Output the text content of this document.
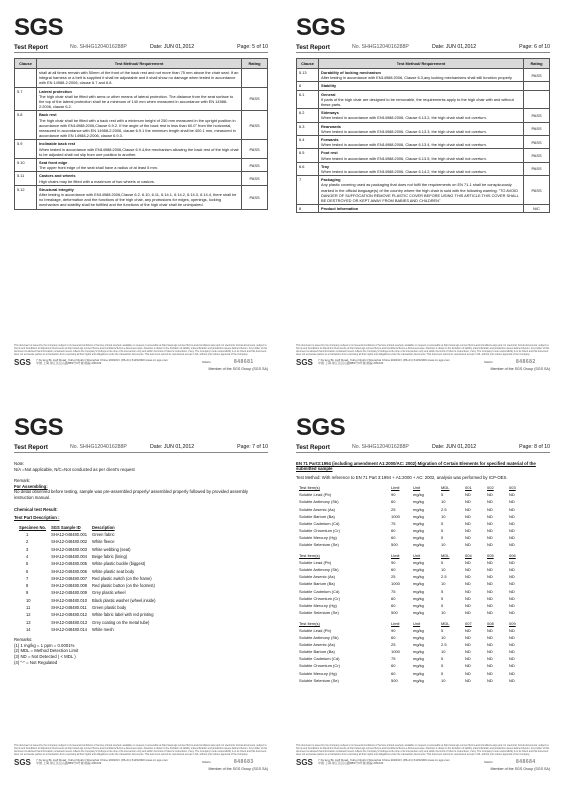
SGS
Test Report	No. SHHG1204016288P	Date: JUN 01,2012	Page: 5 of 10
Clause	Test Method/ Requirement	Rating

	shall at all times remain with 50mm of the front of the back rest and not more than 75 mm above the chair seat. If an integral harness or a belt is supplied it shall be adjustable and it shall show no damage when tested in accordance with EN 14988-2:2006, clause 6.7 and 6.8.	

5.7	Lateral protection
The high chair shall be fitted with arms or other means of lateral protection. The distance from the seat surface to the top of the lateral protection shall be a minimum of 140 mm when measured in accordance with EN 14988-2:2006, clause 6.2.	PASS
5.8	Back rest
The high chair shall be fitted with a back rest with a minimum height of 250 mm measured in the upright position in accordance with EN14988:2006,Clause 6.9.2. If the angle of the back rest is less than 60.0° from the horizontal, measured in accordance with EN 14988-2:2006, clause 6.9.1 the minimum length shall be 400.1 mm, measured in accordance with EN 14988-2:2006, clause 6.9.3.	PASS
5.9	Inclinable back rest
When tested in accordance with EN14988:2006,Clause 6.9.4,the mechanism allowing the back rest of the high chair to be adjusted shall not slip from one position to another.	PASS
5.10	Seat front edge
The upper front edge of the seat shall have a radius of at least 5 mm.	PASS
5.11	Castors and wheels
High chairs may be fitted with a maximum of two wheels or castors.	PASS
5.12	Structural integrity
After testing in accordance with EN14988:2006,Clause 6.2, 6.10, 6.11, 6.14.1, 6.14.2, 6.14.3, 6.14.4, there shall be no breakage, deformation and the functions of the high chair, any protrusions for edges, openings, locking mechanism and stability shall be fulfilled and the functions of the high chair shall be unimpaired.	PASS
This document is issued by the Company subject to its General Conditions of Service printed overleaf, available on request or accessible at http://www.sgs.com/en/Terms-and-Conditions.aspx and, for electronic format documents, subject to Terms and Conditions for Electronic Documents at http://www.sgs.com/en/Terms-and-Conditions/Terms-e-Document.aspx. Attention is drawn to the limitation of liability, indemnification and jurisdiction issues defined therein. Any holder of this document is advised that information contained hereon reflects the Company's findings at the time of its intervention only and within the limits of Client's instructions, if any. The Company's sole responsibility is to its Client and this document does not exonerate parties to a transaction from exercising all their rights and obligations under the transaction documents. This document cannot be reproduced except in full, without prior written approval of the Company.
SGS	7 Xu'ang Bt. Aoff Road, Xuhui District Shanghai China 200233 t (86-21) 61152000 www.cn.sgs.com
中国·上海·徐汇区宜山路889号3号楼 邮编 200233	SHHG	848681
Member of the SGS Group (SGS SA)
SGS
Test Report	No. SHHG1204016288P	Date: JUN 01,2012	Page: 6 of 10
Clause	Test Method/ Requirement	Rating
5.13	Durability of locking mechanism
After testing in accordance with EN14988:2006, Clause 6.3,any locking mechanisms shall still function properly	PASS
6	Stability	

6.1	General
If parts of the high chair are designed to be removable, the requirements apply to the high chair with and without these parts.	

6.2	Sideways
When tested in accordance with EN14988:2006, Clause 6.13.2, the high chair shall not overturn.	PASS
6.3	Rearwards
When tested in accordance with EN14988:2006, Clause 6.13.3, the high chair shall not overturn.	PASS
6.4	Forwards
When tested in accordance with EN14988:2006, Clause 6.13.4, the high chair shall not overturn.	PASS
6.5	Foot rest
When tested in accordance with EN14988:2006, Clause 6.13.5, the high chair shall not overturn.	PASS
6.6	Tray
When tested in accordance with EN14988:2006, Clause 6.14.2, the high chair shall not overturn.	PASS
7	Packaging
Any plastic covering used as packaging that does not fulfil the requirements on EN 71-1 shall be conspicuously marked in the official language(s) of the country where the high chair is sold with the following warning: "TO AVOID DANGER OF SUFFOCATION REMOVE PLASTIC COVER BEFORE USING THIS ARTICLE.THIS COVER SHALL BE DESTROYED OR KEPT AWAY FROM BABIES AND CHILDREN"	PASS
8	Product information	N/C
This document is issued by the Company subject to its General Conditions of Service printed overleaf, available on request or accessible at http://www.sgs.com/en/Terms-and-Conditions.aspx and, for electronic format documents, subject to Terms and Conditions for Electronic Documents at http://www.sgs.com/en/Terms-and-Conditions/Terms-e-Document.aspx. Attention is drawn to the limitation of liability, indemnification and jurisdiction issues defined therein. Any holder of this document is advised that information contained hereon reflects the Company's findings at the time of its intervention only and within the limits of Client's instructions, if any. The Company's sole responsibility is to its Client and this document does not exonerate parties to a transaction from exercising all their rights and obligations under the transaction documents. This document cannot be reproduced except in full, without prior written approval of the Company.
SGS	7 Xu'ang Bt. Aoff Road, Xuhui District Shanghai China 200233 t (86-21) 61152000 www.cn.sgs.com
中国·上海·徐汇区宜山路889号3号楼 邮编 200233	SHHG	848682
Member of the SGS Group (SGS SA)
SGS
Test Report	No. SHHG1204016288P	Date: JUN 01,2012	Page: 7 of 10
Note:
N/A =Not applicable, N/C=Not conducted as per client's request
Remark:
For Assembling:
No detail observed before testing, sample was pre-assembled properly/ assembled properly followed by provided assembly instruction manual.
Chemical test Result:
Test Part Description :
Specimen No.	SGS Sample ID	Description
1	SHA12-048480.001	Green fabric
2	SHA12-048480.002	White fleece
3	SHA12-048480.003	White webbing (seat)
4	SHA12-048480.004	Beige fabric (lining)
5	SHA12-048480.005	White plastic buckle (biggest)
6	SHA12-048480.006	White plastic seat body
7	SHA12-048480.007	Red plastic switch (on the frame)
8	SHA12-048480.008	Red plastic button (on the footrest)
9	SHA12-048480.009	Grey plastic wheel
10	SHA12-048480.010	Black plastic washer (wheel,inside)
11	SHA12-048480.011	Green plastic body
12	SHA12-048480.012	White fabric label with red printing
13	SHA12-048480.013	Grey coating on the metal tube)
14	SHA12-048480.014	White mesh
Remarks:
(1) 1 mg/kg = 1 ppm = 0.0001%
(2) MDL = Method Detection Limit
(3) ND = Not Detected ( < MDL )
(4) "-" = Not Regulated
This document is issued by the Company subject to its General Conditions of Service printed overleaf, available on request or accessible at http://www.sgs.com/en/Terms-and-Conditions.aspx and, for electronic format documents, subject to Terms and Conditions for Electronic Documents at http://www.sgs.com/en/Terms-and-Conditions/Terms-e-Document.aspx. Attention is drawn to the limitation of liability, indemnification and jurisdiction issues defined therein. Any holder of this document is advised that information contained hereon reflects the Company's findings at the time of its intervention only and within the limits of Client's instructions, if any. The Company's sole responsibility is to its Client and this document does not exonerate parties to a transaction from exercising all their rights and obligations under the transaction documents. This document cannot be reproduced except in full, without prior written approval of the Company.
SGS	7 Xu'ang Bt. Aoff Road, Xuhui District Shanghai China 200233 t (86-21) 61152000 www.cn.sgs.com
中国·上海·徐汇区宜山路889号3号楼 邮编 200233	SHHG	848683
Member of the SGS Group (SGS SA)
SGS
Test Report	No. SHHG1204016288P	Date: JUN 01,2012	Page: 8 of 10
EN 71 Part3:1994 (including amendment A1:2000/AC: 2002) Migration of Certain Elements for specified material of the submitted sample
Test Method: With reference to EN 71 Part 3:1994 + A1:2000 + AC: 2002, analysis was performed by ICP-OES.
Test Item(s)	Limit	Unit	MDL	001	002	003
Soluble Lead (Pb)	90	mg/kg	5	ND	ND	ND
Soluble Antimony (Sb)	60	mg/kg	10	ND	ND	ND
Soluble Arsenic (As)	25	mg/kg	2.5	ND	ND	ND
Soluble Barium (Ba)	1000	mg/kg	10	ND	ND	ND
Soluble Cadmium (Cd)	75	mg/kg	5	ND	ND	ND
Soluble Chromium (Cr)	60	mg/kg	5	ND	ND	ND
Soluble Mercury (Hg)	60	mg/kg	5	ND	ND	ND
Soluble Selenium (Se)	500	mg/kg	10	ND	ND	ND
Test Item(s)	Limit	Unit	MDL	004	005	006
Soluble Lead (Pb)	90	mg/kg	5	ND	ND	ND
Soluble Antimony (Sb)	60	mg/kg	10	ND	ND	ND
Soluble Arsenic (As)	25	mg/kg	2.5	ND	ND	ND
Soluble Barium (Ba)	1000	mg/kg	10	ND	ND	ND
Soluble Cadmium (Cd)	75	mg/kg	5	ND	ND	ND
Soluble Chromium (Cr)	60	mg/kg	5	ND	ND	ND
Soluble Mercury (Hg)	60	mg/kg	5	ND	ND	ND
Soluble Selenium (Se)	500	mg/kg	10	ND	ND	ND
Test Item(s)	Limit	Unit	MDL	007	008	009
Soluble Lead (Pb)	90	mg/kg	5	ND	ND	ND
Soluble Antimony (Sb)	60	mg/kg	10	ND	ND	ND
Soluble Arsenic (As)	25	mg/kg	2.5	ND	ND	ND
Soluble Barium (Ba)	1000	mg/kg	10	ND	ND	ND
Soluble Cadmium (Cd)	75	mg/kg	5	ND	ND	ND
Soluble Chromium (Cr)	60	mg/kg	5	ND	ND	ND
Soluble Mercury (Hg)	60	mg/kg	5	ND	ND	ND
Soluble Selenium (Se)	500	mg/kg	10	ND	ND	ND
This document is issued by the Company subject to its General Conditions of Service printed overleaf, available on request or accessible at http://www.sgs.com/en/Terms-and-Conditions.aspx and, for electronic format documents, subject to Terms and Conditions for Electronic Documents at http://www.sgs.com/en/Terms-and-Conditions/Terms-e-Document.aspx. Attention is drawn to the limitation of liability, indemnification and jurisdiction issues defined therein. Any holder of this document is advised that information contained hereon reflects the Company's findings at the time of its intervention only and within the limits of Client's instructions, if any. The Company's sole responsibility is to its Client and this document does not exonerate parties to a transaction from exercising all their rights and obligations under the transaction documents. This document cannot be reproduced except in full, without prior written approval of the Company.
SGS	7 Xu'ang Bt. Aoff Road, Xuhui District Shanghai China 200233 t (86-21) 61152000 www.cn.sgs.com
中国·上海·徐汇区宜山路889号3号楼 邮编 200233	SHHG	848684
Member of the SGS Group (SGS SA)
